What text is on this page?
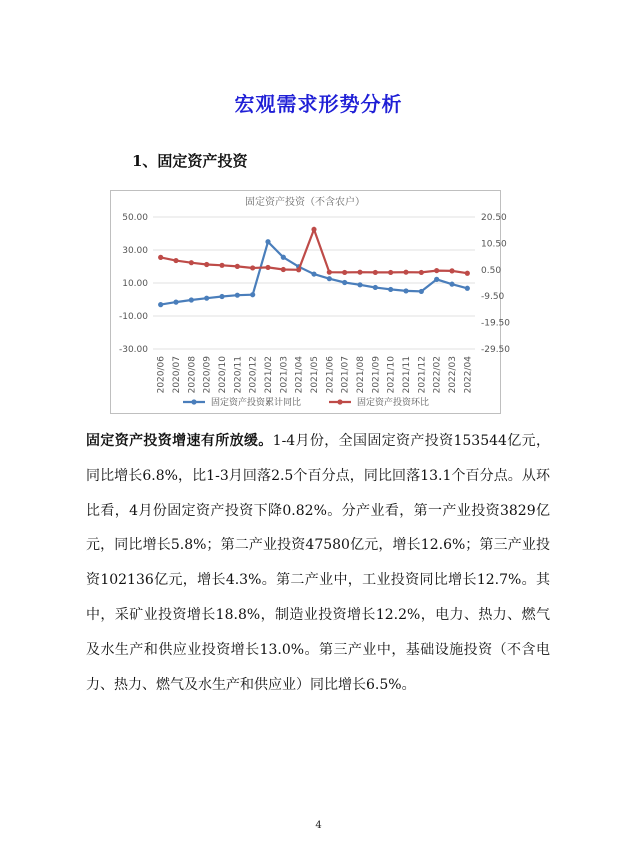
宏观需求形势分析
1、固定资产投资
固定资产投资（不含农户）
50.00
30.00
10.00
-10.00
-30.00
20.50
10.50
0.50
-9.50
-19.50
-29.50
2020/06 2020/07 2020/08 2020/09 2020/10 2020/11 2020/12 2021/02 2021/03 2021/04 2021/05 2021/06 2021/07 2021/08 2021/09 2021/10 2021/11 2021/12 2022/02 2022/03 2022/04
固定资产投资累计同比	固定资产投资环比
固定资产投资增速有所放缓。1-4月份，全国固定资产投资153544亿元，同比增长6.8%，比1-3月回落2.5个百分点，同比回落13.1个百分点。从环比看，4月份固定资产投资下降0.82%。分产业看，第一产业投资3829亿元，同比增长5.8%；第二产业投资47580亿元，增长12.6%；第三产业投资102136亿元，增长4.3%。第二产业中，工业投资同比增长12.7%。其中，采矿业投资增长18.8%，制造业投资增长12.2%，电力、热力、燃气及水生产和供应业投资增长13.0%。第三产业中，基础设施投资（不含电力、热力、燃气及水生产和供应业）同比增长6.5%。
4
